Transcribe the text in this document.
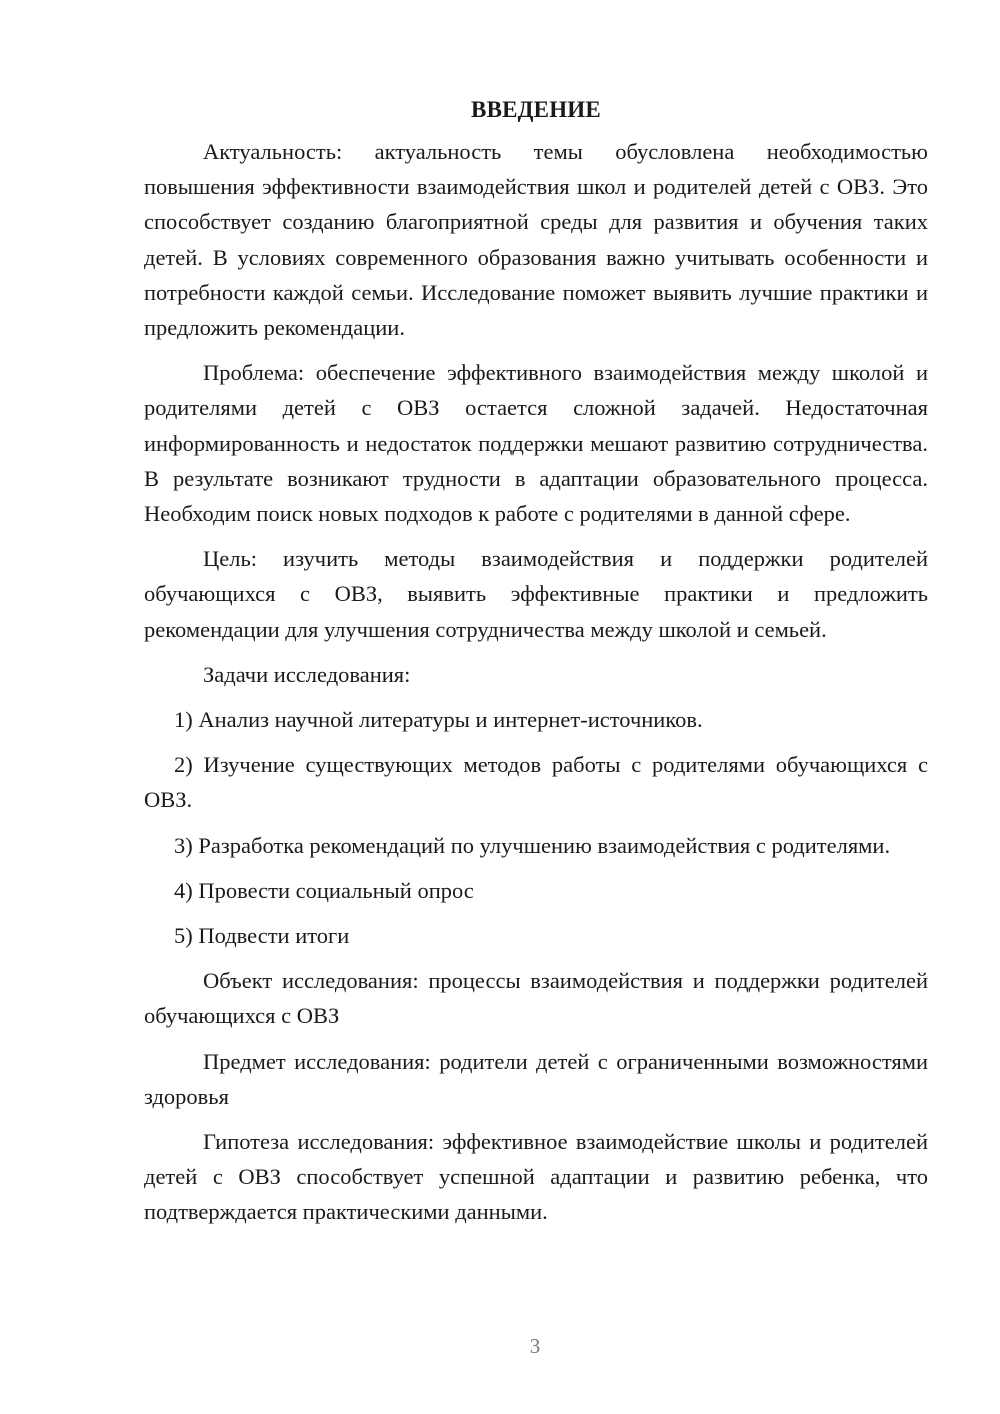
ВВЕДЕНИЕ

Актуальность: актуальность темы обусловлена необходимостью повышения эффективности взаимодействия школ и родителей детей с ОВЗ. Это способствует созданию благоприятной среды для развития и обучения таких детей. В условиях современного образования важно учитывать особенности и потребности каждой семьи. Исследование поможет выявить лучшие практики и предложить рекомендации.

Проблема: обеспечение эффективного взаимодействия между школой и родителями детей с ОВЗ остается сложной задачей. Недостаточная информированность и недостаток поддержки мешают развитию сотрудничества. В результате возникают трудности в адаптации образовательного процесса. Необходим поиск новых подходов к работе с родителями в данной сфере.

Цель: изучить методы взаимодействия и поддержки родителей обучающихся с ОВЗ, выявить эффективные практики и предложить рекомендации для улучшения сотрудничества между школой и семьей.

Задачи исследования:

1) Анализ научной литературы и интернет-источников.

2) Изучение существующих методов работы с родителями обучающихся с ОВЗ.

3) Разработка рекомендаций по улучшению взаимодействия с родителями.

4) Провести социальный опрос

5) Подвести итоги

Объект исследования: процессы взаимодействия и поддержки родителей обучающихся с ОВЗ

Предмет исследования: родители детей с ограниченными возможностями здоровья

Гипотеза исследования: эффективное взаимодействие школы и родителей детей с ОВЗ способствует успешной адаптации и развитию ребенка, что подтверждается практическими данными.

3
